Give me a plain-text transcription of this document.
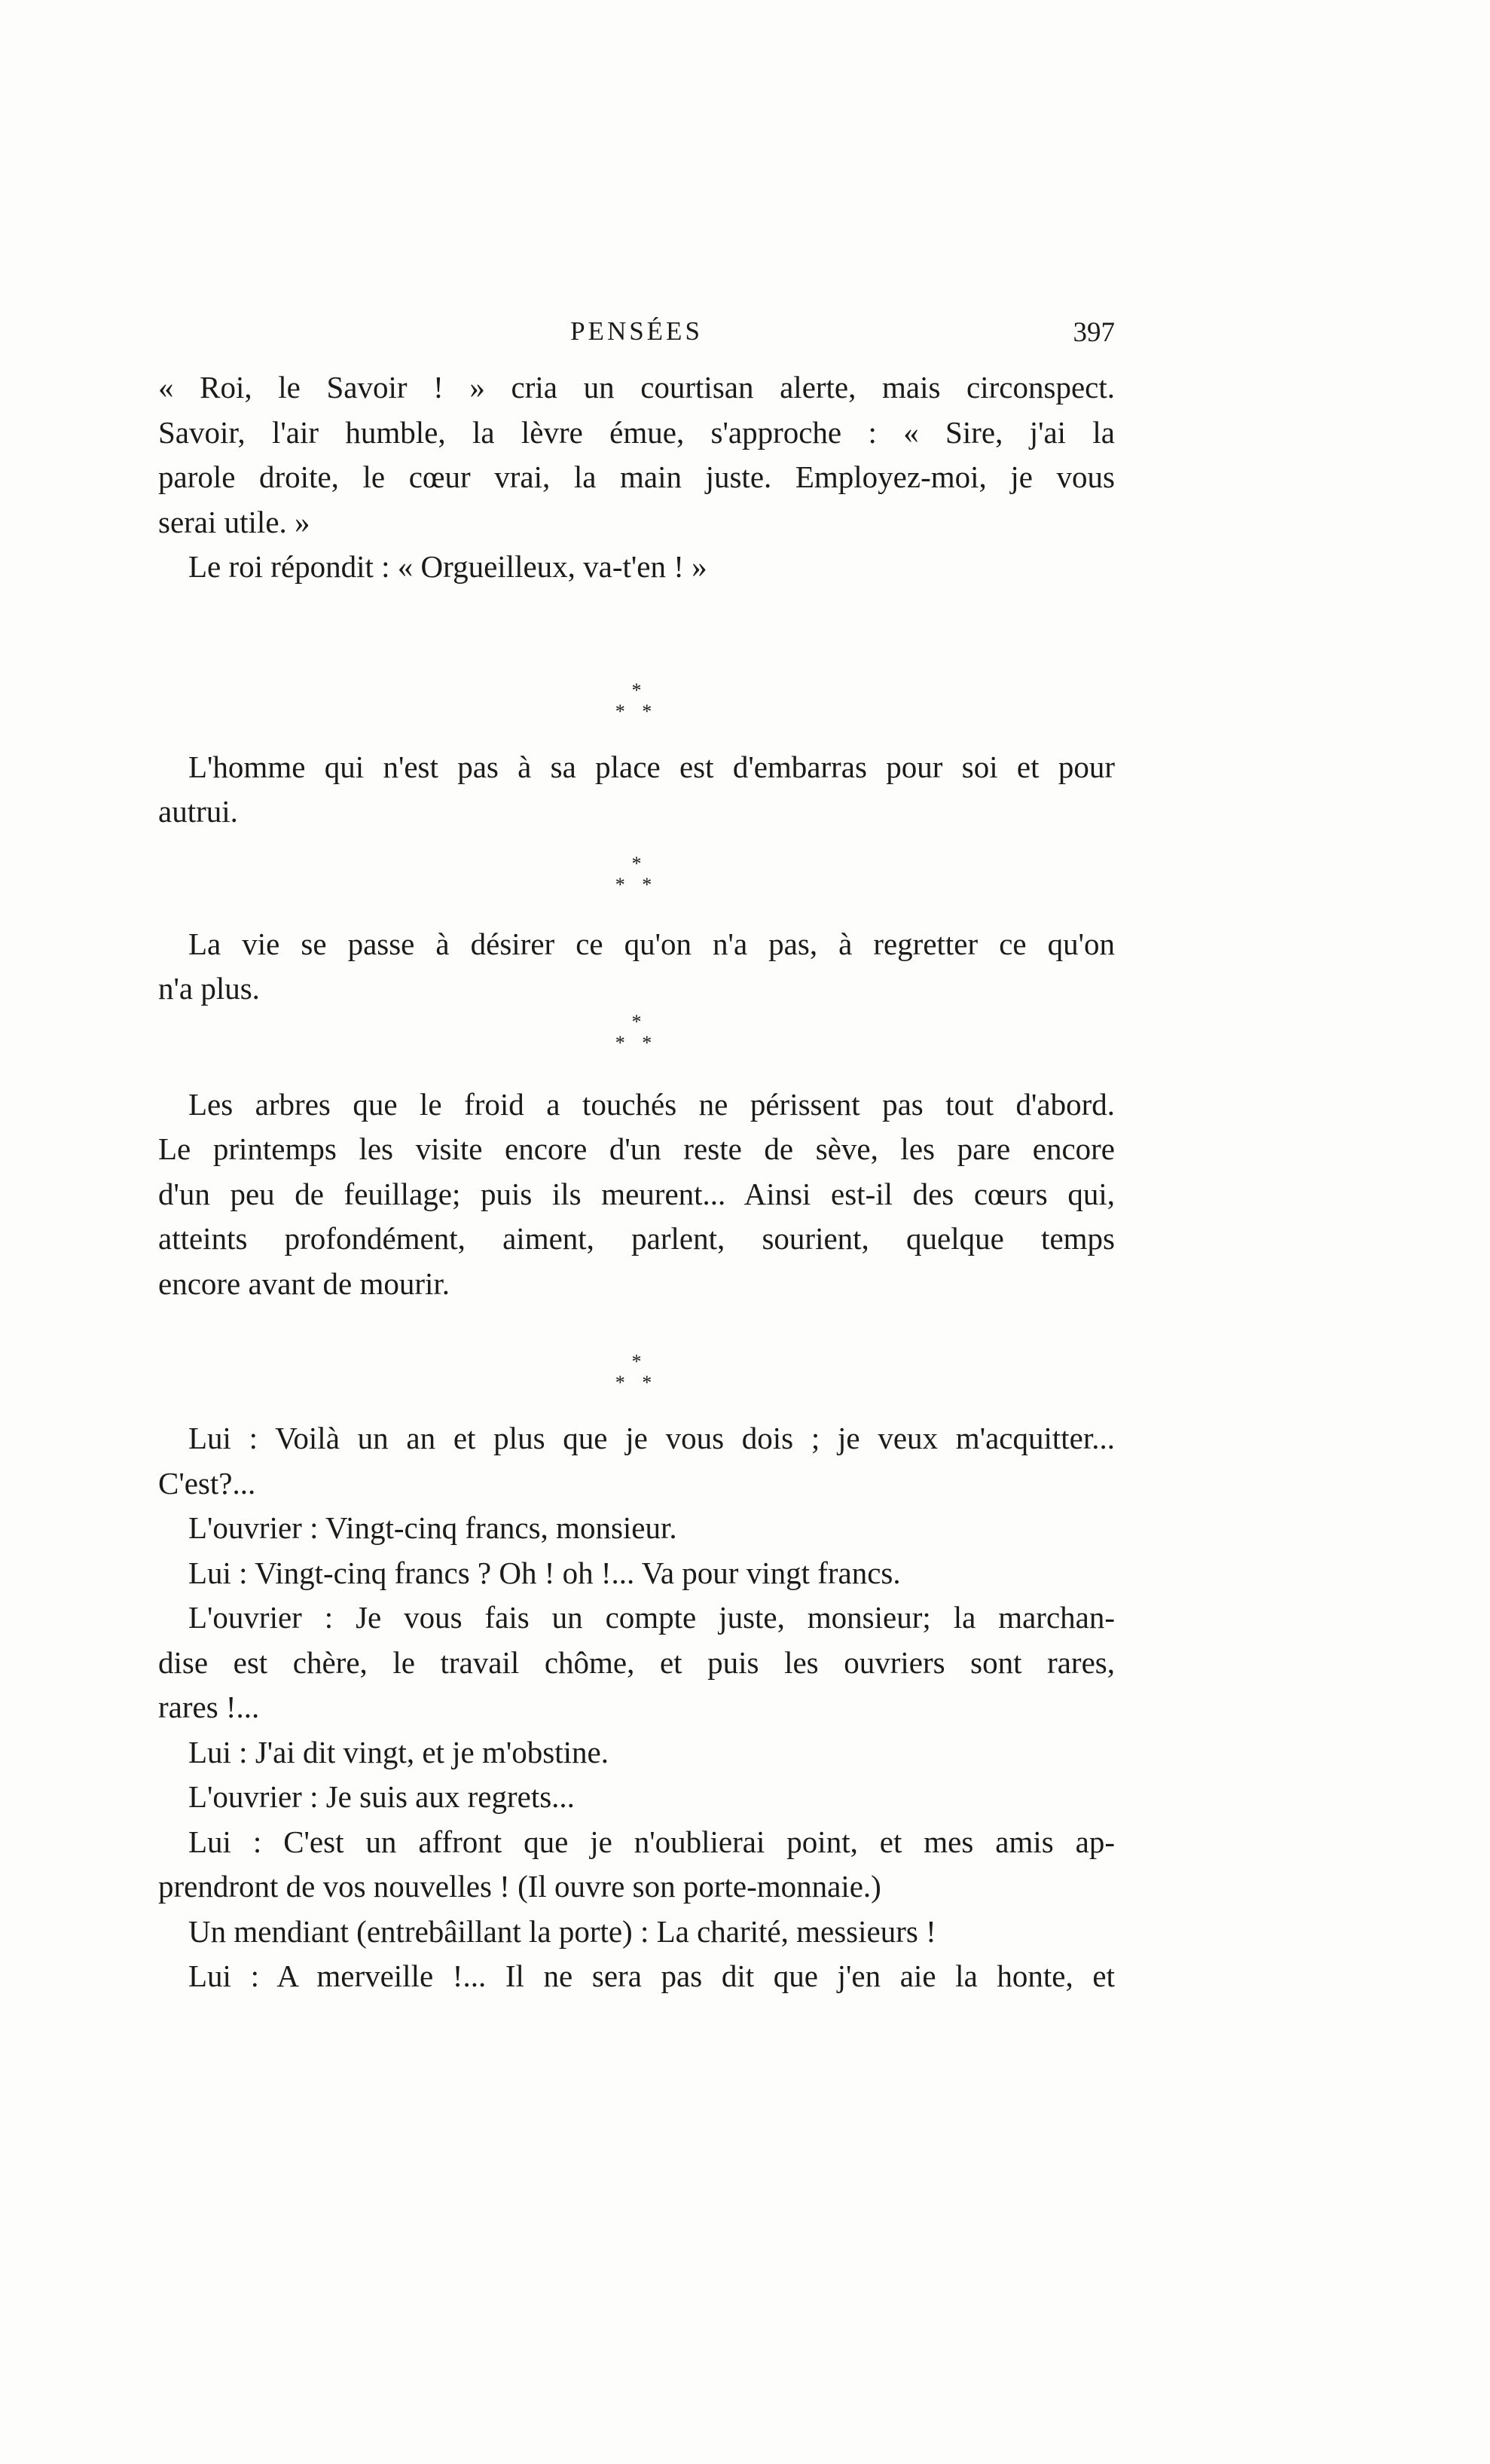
PENSÉES	397

« Roi, le Savoir ! » cria un courtisan alerte, mais circonspect.

Savoir, l'air humble, la lèvre émue, s'approche : « Sire, j'ai la

parole droite, le cœur vrai, la main juste. Employez-moi, je vous

serai utile. »

Le roi répondit : « Orgueilleux, va-t'en ! »

*
* *

L'homme qui n'est pas à sa place est d'embarras pour soi et pour

autrui.

*
* *

La vie se passe à désirer ce qu'on n'a pas, à regretter ce qu'on

n'a plus.

*
* *

Les arbres que le froid a touchés ne périssent pas tout d'abord.

Le printemps les visite encore d'un reste de sève, les pare encore

d'un peu de feuillage; puis ils meurent... Ainsi est-il des cœurs qui,

atteints profondément, aiment, parlent, sourient, quelque temps

encore avant de mourir.

*
* *

Lui : Voilà un an et plus que je vous dois ; je veux m'acquitter...

C'est?...

L'ouvrier : Vingt-cinq francs, monsieur.

Lui : Vingt-cinq francs ? Oh ! oh !... Va pour vingt francs.

L'ouvrier : Je vous fais un compte juste, monsieur; la marchan-

dise est chère, le travail chôme, et puis les ouvriers sont rares,

rares !...

Lui : J'ai dit vingt, et je m'obstine.

L'ouvrier : Je suis aux regrets...

Lui : C'est un affront que je n'oublierai point, et mes amis ap-

prendront de vos nouvelles ! (Il ouvre son porte-monnaie.)

Un mendiant (entrebâillant la porte) : La charité, messieurs !

Lui : A merveille !... Il ne sera pas dit que j'en aie la honte, et
